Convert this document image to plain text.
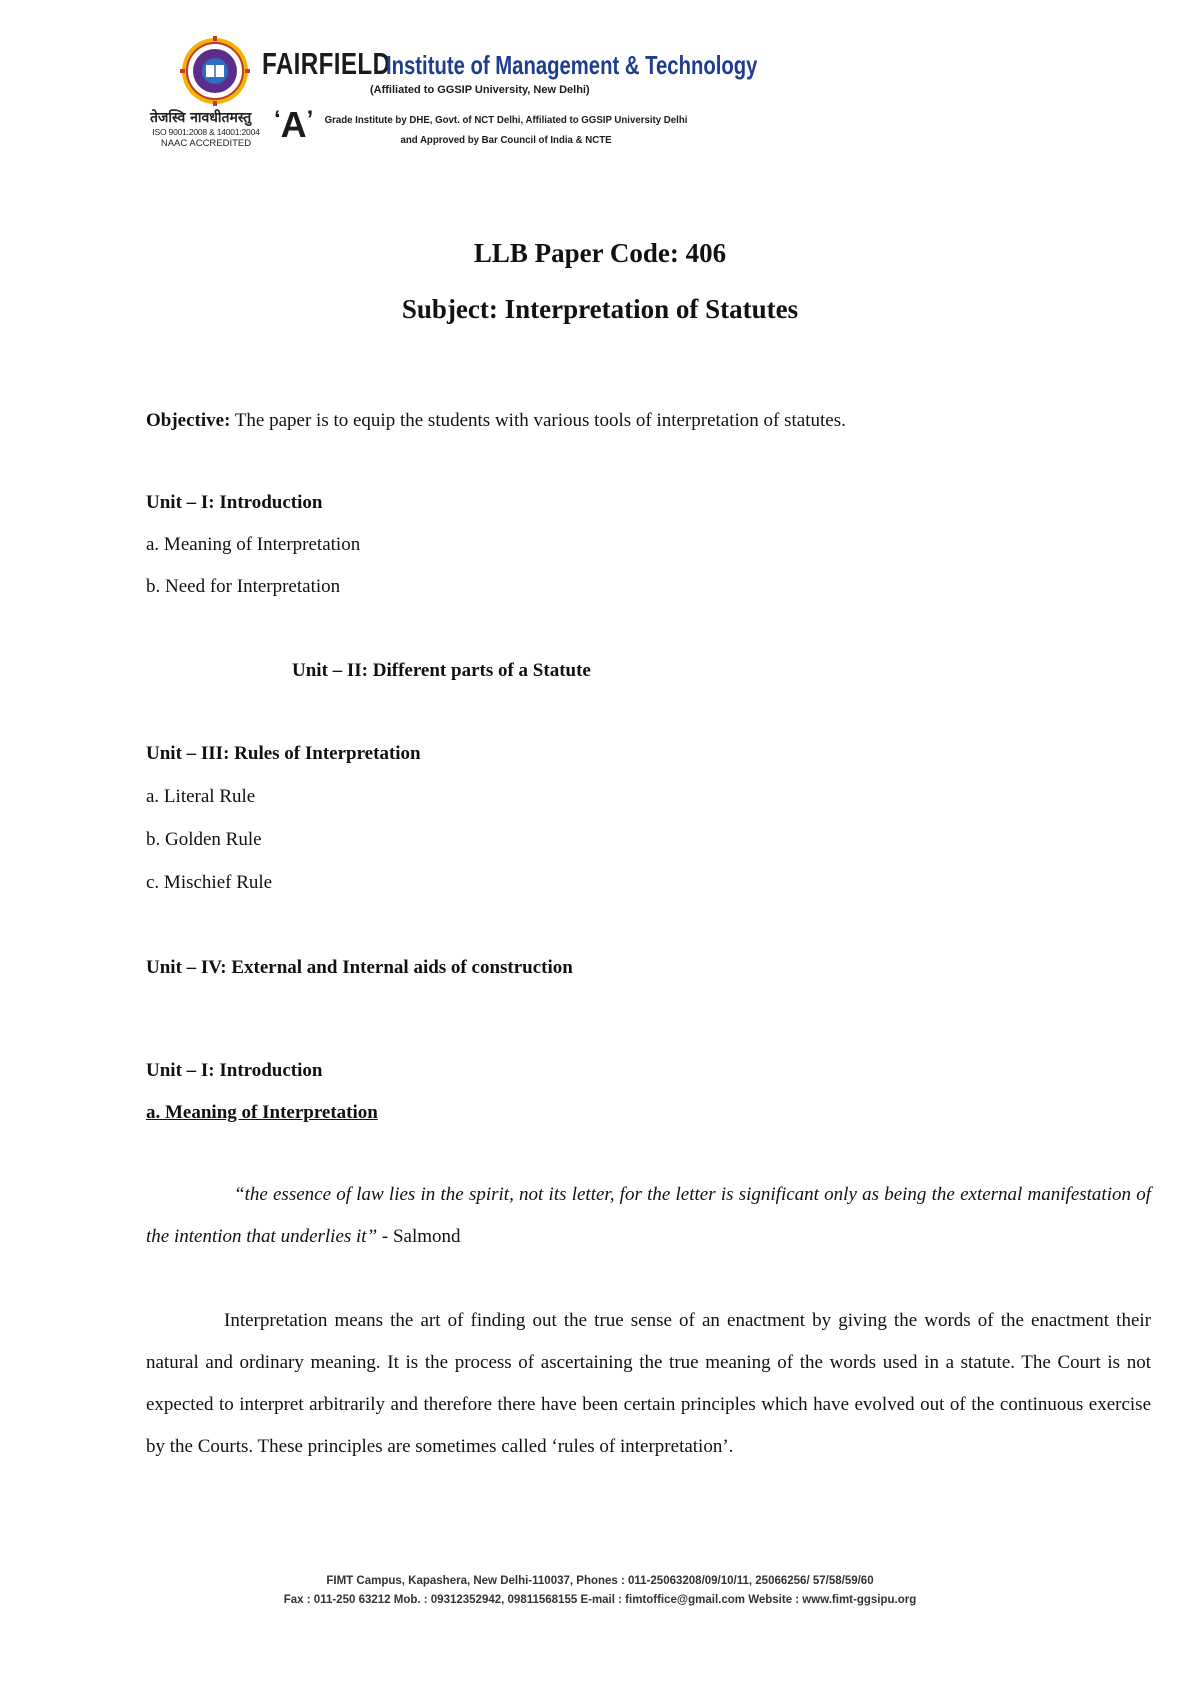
तेजस्वि नावधीतमस्तु
ISO 9001:2008 & 14001:2004
NAAC ACCREDITED
FAIRFIELD
Institute of Management & Technology
(Affiliated to GGSIP University, New Delhi)
‘ A ’	Grade Institute by DHE, Govt. of NCT Delhi, Affiliated to GGSIP University Delhi
and Approved by Bar Council of India & NCTE
LLB Paper Code: 406
Subject: Interpretation of Statutes
Objective: The paper is to equip the students with various tools of interpretation of statutes.
Unit – I: Introduction
a. Meaning of Interpretation
b. Need for Interpretation
Unit – II: Different parts of a Statute
Unit – III: Rules of Interpretation
a. Literal Rule
b. Golden Rule
c. Mischief Rule
Unit – IV: External and Internal aids of construction
Unit – I: Introduction
a. Meaning of Interpretation
“the essence of law lies in the spirit, not its letter, for the letter is significant only as being the external manifestation of the intention that underlies it” - Salmond
Interpretation means the art of finding out the true sense of an enactment by giving the words of the enactment their natural and ordinary meaning. It is the process of ascertaining the true meaning of the words used in a statute. The Court is not expected to interpret arbitrarily and therefore there have been certain principles which have evolved out of the continuous exercise by the Courts. These principles are sometimes called ‘rules of interpretation’.
FIMT Campus, Kapashera, New Delhi-110037, Phones : 011-25063208/09/10/11, 25066256/ 57/58/59/60
Fax : 011-250 63212 Mob. : 09312352942, 09811568155 E-mail : fimtoffice@gmail.com Website : www.fimt-ggsipu.org
